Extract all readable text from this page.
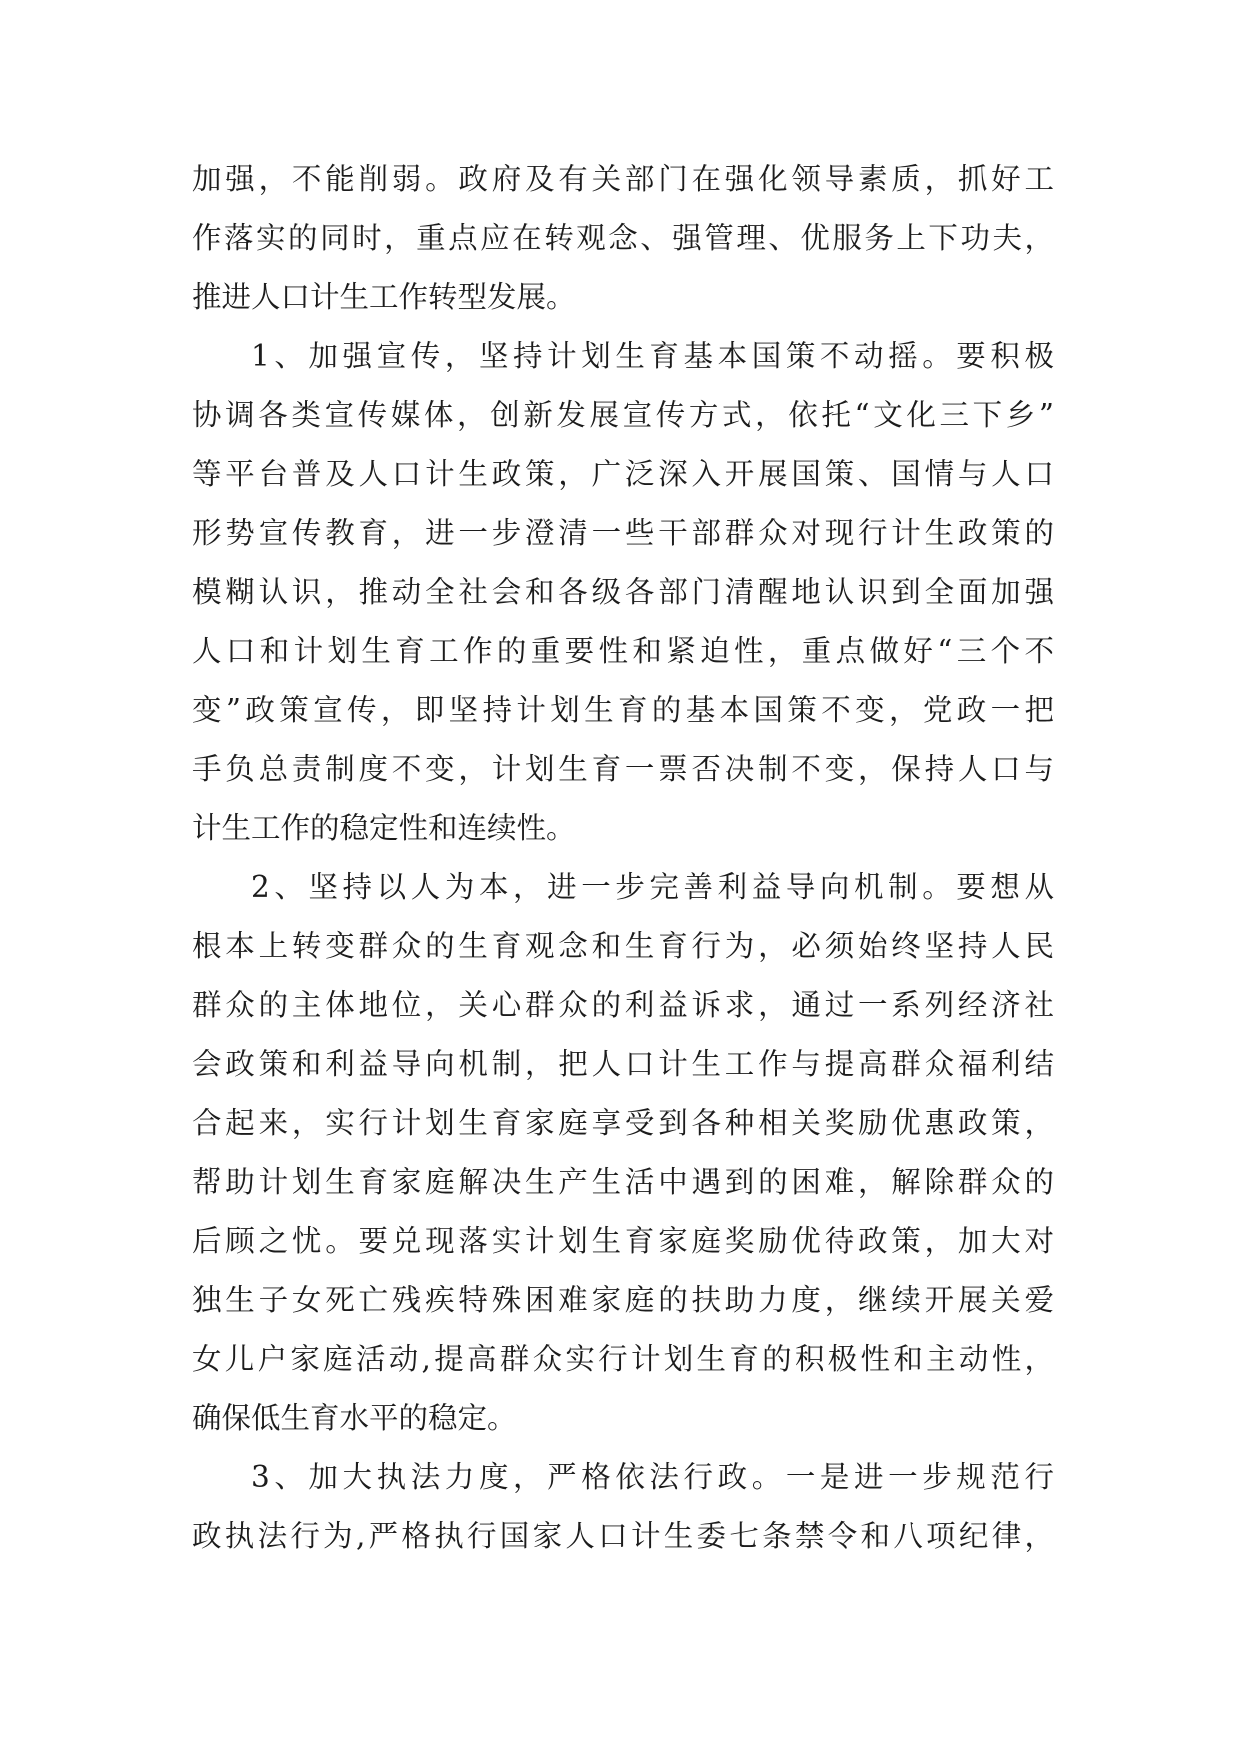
加强，不能削弱。政府及有关部门在强化领导素质，抓好工
作落实的同时，重点应在转观念、强管理、优服务上下功夫，
推进人口计生工作转型发展。
1、加强宣传，坚持计划生育基本国策不动摇。要积极
协调各类宣传媒体，创新发展宣传方式，依托“文化三下乡”
等平台普及人口计生政策，广泛深入开展国策、国情与人口
形势宣传教育，进一步澄清一些干部群众对现行计生政策的
模糊认识，推动全社会和各级各部门清醒地认识到全面加强
人口和计划生育工作的重要性和紧迫性，重点做好“三个不
变”政策宣传，即坚持计划生育的基本国策不变，党政一把
手负总责制度不变，计划生育一票否决制不变，保持人口与
计生工作的稳定性和连续性。
2、坚持以人为本，进一步完善利益导向机制。要想从
根本上转变群众的生育观念和生育行为，必须始终坚持人民
群众的主体地位，关心群众的利益诉求，通过一系列经济社
会政策和利益导向机制，把人口计生工作与提高群众福利结
合起来，实行计划生育家庭享受到各种相关奖励优惠政策，
帮助计划生育家庭解决生产生活中遇到的困难，解除群众的
后顾之忧。要兑现落实计划生育家庭奖励优待政策，加大对
独生子女死亡残疾特殊困难家庭的扶助力度，继续开展关爱
女儿户家庭活动,提高群众实行计划生育的积极性和主动性，
确保低生育水平的稳定。
3、加大执法力度，严格依法行政。一是进一步规范行
政执法行为,严格执行国家人口计生委七条禁令和八项纪律，
